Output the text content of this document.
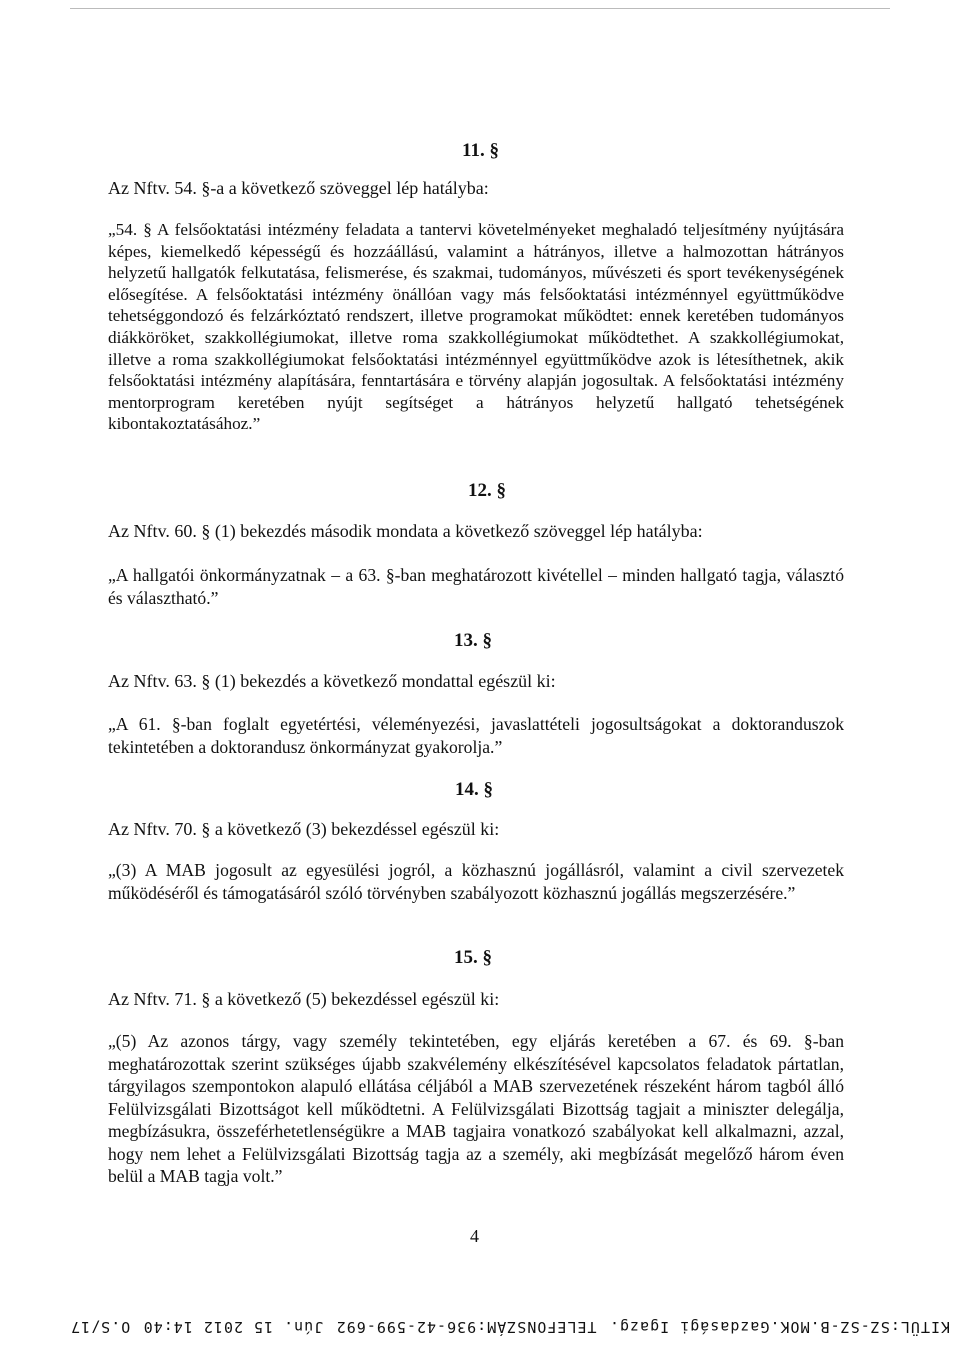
11. §
Az Nftv. 54. §-a a következő szöveggel lép hatályba:
„54. § A felsőoktatási intézmény feladata a tantervi követelményeket meghaladó teljesítmény nyújtására képes, kiemelkedő képességű és hozzáállású, valamint a hátrányos, illetve a halmozottan hátrányos helyzetű hallgatók felkutatása, felismerése, és szakmai, tudományos, művészeti és sport tevékenységének elősegítése. A felsőoktatási intézmény önállóan vagy más felsőoktatási intézménnyel együttműködve tehetséggondozó és felzárkóztató rendszert, illetve programokat működtet: ennek keretében tudományos diákköröket, szakkollégiumokat, illetve roma szakkollégiumokat működtethet. A szakkollégiumokat, illetve a roma szakkollégiumokat felsőoktatási intézménnyel együttműködve azok is létesíthetnek, akik felsőoktatási intézmény alapítására, fenntartására e törvény alapján jogosultak. A felsőoktatási intézmény mentorprogram keretében nyújt segítséget a hátrányos helyzetű hallgató tehetségének kibontakoztatásához.”
12. §
Az Nftv. 60. § (1) bekezdés második mondata a következő szöveggel lép hatályba:
„A hallgatói önkormányzatnak – a 63. §-ban meghatározott kivétellel – minden hallgató tagja, választó és választható.”
13. §
Az Nftv. 63. § (1) bekezdés a következő mondattal egészül ki:
„A 61. §-ban foglalt egyetértési, véleményezési, javaslattételi jogosultságokat a doktoranduszok tekintetében a doktorandusz önkormányzat gyakorolja.”
14. §
Az Nftv. 70. § a következő (3) bekezdéssel egészül ki:
„(3) A MAB jogosult az egyesülési jogról, a közhasznú jogállásról, valamint a civil szervezetek működéséről és támogatásáról szóló törvényben szabályozott közhasznú jogállás megszerzésére.”
15. §
Az Nftv. 71. § a következő (5) bekezdéssel egészül ki:
„(5) Az azonos tárgy, vagy személy tekintetében, egy eljárás keretében a 67. és 69. §-ban meghatározottak szerint szükséges újabb szakvélemény elkészítésével kapcsolatos feladatok pártatlan, tárgyilagos szempontokon alapuló ellátása céljából a MAB szervezetének részeként három tagból álló Felülvizsgálati Bizottságot kell működtetni. A Felülvizsgálati Bizottság tagjait a miniszter delegálja, megbízásukra, összeférhetetlenségükre a MAB tagjaira vonatkozó szabályokat kell alkalmazni, azzal, hogy nem lehet a Felülvizsgálati Bizottság tagja az a személy, aki megbízását megelőző három éven belül a MAB tagja volt.”
4
KITÜL:SZ-SZ-B.MOK.Gazdasági Igazg.
TELEFONSZÁM:936-42-599-692
Jún. 15 2012 14:40
O.S/17
